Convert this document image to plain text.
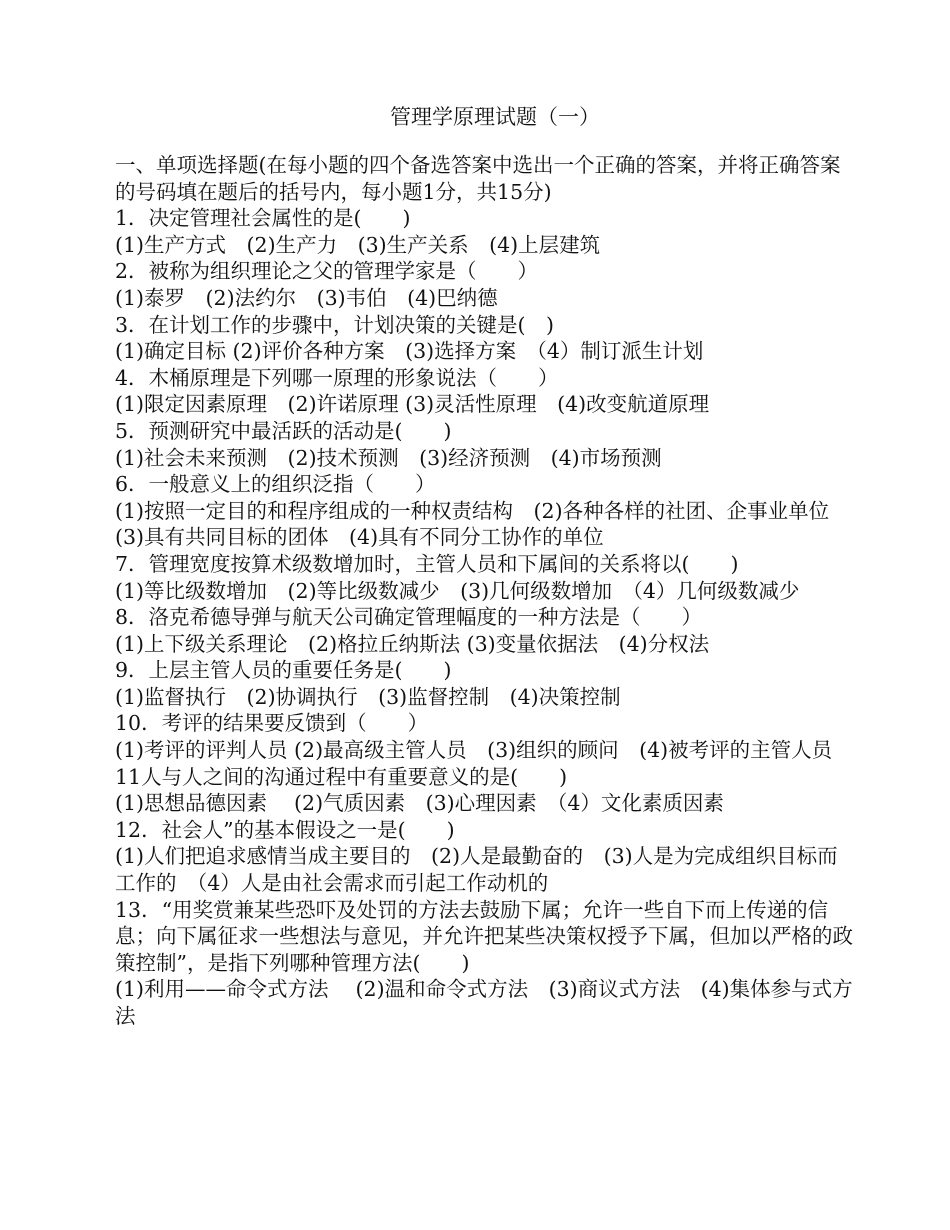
管理学原理试题（一）
一、单项选择题(在每小题的四个备选答案中选出一个正确的答案，并将正确答案的号码填在题后的括号内，每小题1分，共15分)
1．决定管理社会属性的是(　　)
(1)生产方式　(2)生产力　(3)生产关系　(4)上层建筑
2．被称为组织理论之父的管理学家是（　　）
(1)泰罗　(2)法约尔　(3)韦伯　(4)巴纳德
3．在计划工作的步骤中，计划决策的关键是(　)
(1)确定目标 (2)评价各种方案　(3)选择方案　（4）制订派生计划
4．木桶原理是下列哪一原理的形象说法（　　）
(1)限定因素原理　(2)许诺原理 (3)灵活性原理　(4)改变航道原理
5．预测研究中最活跃的活动是(　　)
(1)社会未来预测　(2)技术预测　(3)经济预测　(4)市场预测
6．一般意义上的组织泛指（　　）
(1)按照一定目的和程序组成的一种权责结构　(2)各种各样的社团、企事业单位　(3)具有共同目标的团体　(4)具有不同分工协作的单位
7．管理宽度按算术级数增加时，主管人员和下属间的关系将以(　　)
(1)等比级数增加　(2)等比级数减少　(3)几何级数增加　（4）几何级数减少
8．洛克希德导弹与航天公司确定管理幅度的一种方法是（　　）
(1)上下级关系理论　(2)格拉丘纳斯法 (3)变量依据法　(4)分权法
9．上层主管人员的重要任务是(　　)
(1)监督执行　(2)协调执行　(3)监督控制　(4)决策控制
10．考评的结果要反馈到（　　）
(1)考评的评判人员 (2)最高级主管人员　(3)组织的顾问　(4)被考评的主管人员
11人与人之间的沟通过程中有重要意义的是(　　)
(1)思想品德因素　 (2)气质因素　(3)心理因素　（4）文化素质因素
12．社会人”的基本假设之一是(　　)
(1)人们把追求感情当成主要目的　(2)人是最勤奋的　(3)人是为完成组织目标而工作的　（4）人是由社会需求而引起工作动机的
13．“用奖赏兼某些恐吓及处罚的方法去鼓励下属；允许一些自下而上传递的信息；向下属征求一些想法与意见，并允许把某些决策权授予下属，但加以严格的政策控制”，是指下列哪种管理方法(　　)
(1)利用——命令式方法　 (2)温和命令式方法　(3)商议式方法　(4)集体参与式方法
